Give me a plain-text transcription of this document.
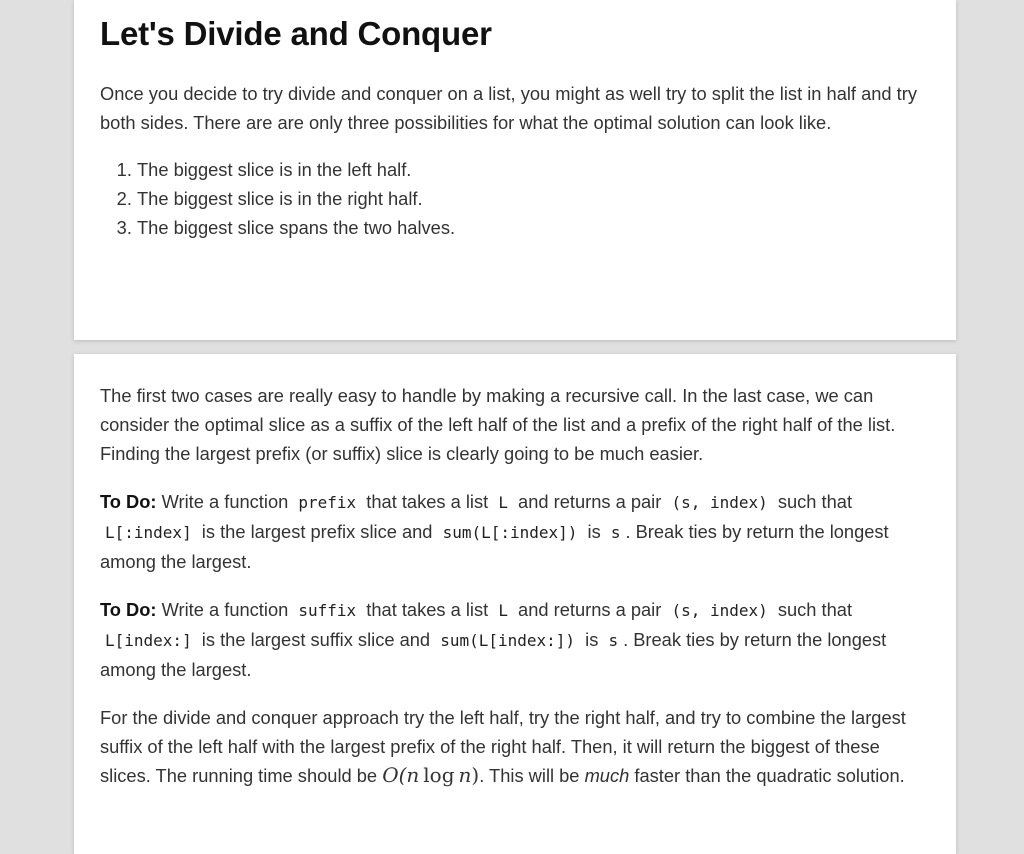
Let's Divide and Conquer

Once you decide to try divide and conquer on a list, you might as well try to split the list in half and try both sides. There are are only three possibilities for what the optimal solution can look like.

1. The biggest slice is in the left half.
2. The biggest slice is in the right half.
3. The biggest slice spans the two halves.

The first two cases are really easy to handle by making a recursive call. In the last case, we can consider the optimal slice as a suffix of the left half of the list and a prefix of the right half of the list. Finding the largest prefix (or suffix) slice is clearly going to be much easier.

To Do: Write a function prefix that takes a list L and returns a pair (s, index) such that L[:index] is the largest prefix slice and sum(L[:index]) is s . Break ties by return the longest among the largest.

To Do: Write a function suffix that takes a list L and returns a pair (s, index) such that L[index:] is the largest suffix slice and sum(L[index:]) is s . Break ties by return the longest among the largest.

For the divide and conquer approach try the left half, try the right half, and try to combine the largest suffix of the left half with the largest prefix of the right half. Then, it will return the biggest of these slices. The running time should be O(n  log  n). This will be much faster than the quadratic solution.
